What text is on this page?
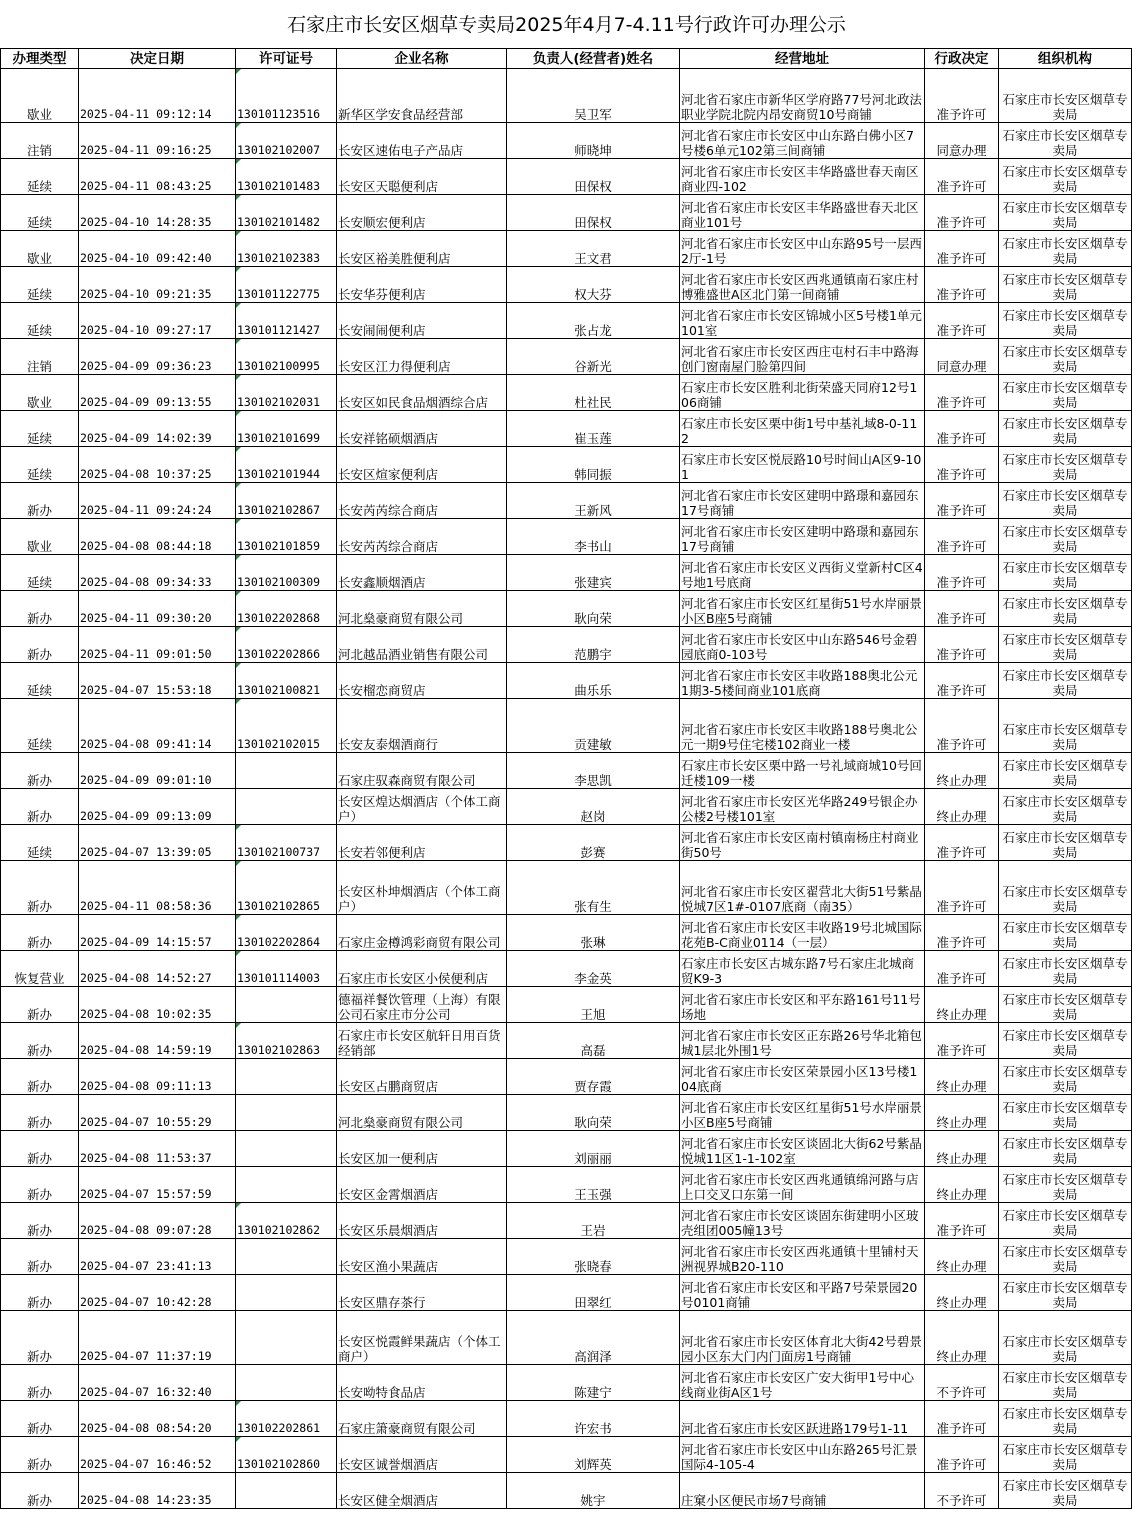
石家庄市长安区烟草专卖局2025年4月7-4.11号行政许可办理公示
办理类型	决定日期	许可证号	企业名称	负责人(经营者)姓名	经营地址	行政决定	组织机构
歇业	2025-04-11 09:12:14	130101123516	新华区学安食品经营部	吴卫军	河北省石家庄市新华区学府路77号河北政法职业学院北院内昂安商贸10号商铺	准予许可	石家庄市长安区烟草专卖局
注销	2025-04-11 09:16:25	130102102007	长安区速佑电子产品店	师晓坤	河北省石家庄市长安区中山东路白佛小区7号楼6单元102第三间商铺	同意办理	石家庄市长安区烟草专卖局
延续	2025-04-11 08:43:25	130102101483	长安区天聪便利店	田保权	河北省石家庄市长安区丰华路盛世春天南区商业四-102	准予许可	石家庄市长安区烟草专卖局
延续	2025-04-10 14:28:35	130102101482	长安顺宏便利店	田保权	河北省石家庄市长安区丰华路盛世春天北区商业101号	准予许可	石家庄市长安区烟草专卖局
歇业	2025-04-10 09:42:40	130102102383	长安区裕美胜便利店	王文君	河北省石家庄市长安区中山东路95号一层西2厅-1号	准予许可	石家庄市长安区烟草专卖局
延续	2025-04-10 09:21:35	130101122775	长安华芬便利店	权大芬	河北省石家庄市长安区西兆通镇南石家庄村博雅盛世A区北门第一间商铺	准予许可	石家庄市长安区烟草专卖局
延续	2025-04-10 09:27:17	130101121427	长安闹闹便利店	张占龙	河北省石家庄市长安区锦城小区5号楼1单元101室	准予许可	石家庄市长安区烟草专卖局
注销	2025-04-09 09:36:23	130102100995	长安区江力得便利店	谷新光	河北省石家庄市长安区西庄屯村石丰中路海创门窗南屋门脸第四间	同意办理	石家庄市长安区烟草专卖局
歇业	2025-04-09 09:13:55	130102102031	长安区如民食品烟酒综合店	杜社民	石家庄市长安区胜利北街荣盛天同府12号106商铺	准予许可	石家庄市长安区烟草专卖局
延续	2025-04-09 14:02:39	130102101699	长安祥铭硕烟酒店	崔玉莲	石家庄市长安区栗中街1号中基礼域8-0-112	准予许可	石家庄市长安区烟草专卖局
延续	2025-04-08 10:37:25	130102101944	长安区煊家便利店	韩同振	石家庄市长安区悦辰路10号时间山A区9-101	准予许可	石家庄市长安区烟草专卖局
新办	2025-04-11 09:24:24	130102102867	长安芮芮综合商店	王新风	河北省石家庄市长安区建明中路璟和嘉园东17号商铺	准予许可	石家庄市长安区烟草专卖局
歇业	2025-04-08 08:44:18	130102101859	长安芮芮综合商店	李书山	河北省石家庄市长安区建明中路璟和嘉园东17号商铺	准予许可	石家庄市长安区烟草专卖局
延续	2025-04-08 09:34:33	130102100309	长安鑫顺烟酒店	张建宾	河北省石家庄市长安区义西街义堂新村C区4号地1号底商	准予许可	石家庄市长安区烟草专卖局
新办	2025-04-11 09:30:20	130102202868	河北燊豪商贸有限公司	耿向荣	河北省石家庄市长安区红星街51号水岸丽景小区B座5号商铺	准予许可	石家庄市长安区烟草专卖局
新办	2025-04-11 09:01:50	130102202866	河北越品酒业销售有限公司	范鹏宇	河北省石家庄市长安区中山东路546号金碧园底商0-103号	准予许可	石家庄市长安区烟草专卖局
延续	2025-04-07 15:53:18	130102100821	长安榴恋商贸店	曲乐乐	河北省石家庄市长安区丰收路188奥北公元1期3-5楼间商业101底商	准予许可	石家庄市长安区烟草专卖局
延续	2025-04-08 09:41:14	130102102015	长安友泰烟酒商行	贡建敏	河北省石家庄市长安区丰收路188号奥北公元一期9号住宅楼102商业一楼	准予许可	石家庄市长安区烟草专卖局
新办	2025-04-09 09:01:10		石家庄驭森商贸有限公司	李思凯	石家庄市长安区栗中路一号礼域商城10号回迁楼109一楼	终止办理	石家庄市长安区烟草专卖局
新办	2025-04-09 09:13:09		长安区煌达烟酒店（个体工商户）	赵岗	河北省石家庄市长安区光华路249号银企办公楼2号楼101室	终止办理	石家庄市长安区烟草专卖局
延续	2025-04-07 13:39:05	130102100737	长安若邻便利店	彭赛	河北省石家庄市长安区南村镇南杨庄村商业街50号	准予许可	石家庄市长安区烟草专卖局
新办	2025-04-11 08:58:36	130102102865	长安区朴坤烟酒店（个体工商户）	张有生	河北省石家庄市长安区翟营北大街51号紫晶悦城7区1#-0107底商（南35）	准予许可	石家庄市长安区烟草专卖局
新办	2025-04-09 14:15:57	130102202864	石家庄金樽鸿彩商贸有限公司	张琳	河北省石家庄市长安区丰收路19号北城国际花苑B-C商业0114（一层）	准予许可	石家庄市长安区烟草专卖局
恢复营业	2025-04-08 14:52:27	130101114003	石家庄市长安区小侯便利店	李金英	石家庄市长安区古城东路7号石家庄北城商贸K9-3	准予许可	石家庄市长安区烟草专卖局
新办	2025-04-08 10:02:35		德福祥餐饮管理（上海）有限公司石家庄市分公司	王旭	河北省石家庄市长安区和平东路161号11号场地	终止办理	石家庄市长安区烟草专卖局
新办	2025-04-08 14:59:19	130102102863	石家庄市长安区航轩日用百货经销部	高磊	河北省石家庄市长安区正东路26号华北箱包城1层北外围1号	准予许可	石家庄市长安区烟草专卖局
新办	2025-04-08 09:11:13		长安区占鹏商贸店	贾存霞	河北省石家庄市长安区荣景园小区13号楼104底商	终止办理	石家庄市长安区烟草专卖局
新办	2025-04-07 10:55:29		河北燊豪商贸有限公司	耿向荣	河北省石家庄市长安区红星街51号水岸丽景小区B座5号商铺	终止办理	石家庄市长安区烟草专卖局
新办	2025-04-08 11:53:37		长安区加一便利店	刘丽丽	河北省石家庄市长安区谈固北大街62号紫晶悦城11区1-1-102室	终止办理	石家庄市长安区烟草专卖局
新办	2025-04-07 15:57:59		长安区金霄烟酒店	王玉强	河北省石家庄市长安区西兆通镇绵河路与店上口交叉口东第一间	终止办理	石家庄市长安区烟草专卖局
新办	2025-04-08 09:07:28	130102102862	长安区乐晨烟酒店	王岩	河北省石家庄市长安区谈固东街建明小区玻壳组团005幢13号	准予许可	石家庄市长安区烟草专卖局
新办	2025-04-07 23:41:13		长安区渔小果蔬店	张晓春	河北省石家庄市长安区西兆通镇十里铺村天洲视界城B20-110	终止办理	石家庄市长安区烟草专卖局
新办	2025-04-07 10:42:28		长安区鼎存茶行	田翠红	河北省石家庄市长安区和平路7号荣景园20号0101商铺	终止办理	石家庄市长安区烟草专卖局
新办	2025-04-07 11:37:19		长安区悦霞鲜果蔬店（个体工商户）	高润泽	河北省石家庄市长安区体育北大街42号碧景园小区东大门内门面房1号商铺	终止办理	石家庄市长安区烟草专卖局
新办	2025-04-07 16:32:40		长安呦特食品店	陈建宁	河北省石家庄市长安区广安大街甲1号中心线商业街A区1号	不予许可	石家庄市长安区烟草专卖局
新办	2025-04-08 08:54:20	130102202861	石家庄箫豪商贸有限公司	许宏书	河北省石家庄市长安区跃进路179号1-11	准予许可	石家庄市长安区烟草专卖局
新办	2025-04-07 16:46:52	130102102860	长安区诚誉烟酒店	刘辉英	河北省石家庄市长安区中山东路265号汇景国际4-105-4	准予许可	石家庄市长安区烟草专卖局
新办	2025-04-08 14:23:35		长安区健全烟酒店	姚宇	庄窠小区便民市场7号商铺	不予许可	石家庄市长安区烟草专卖局
